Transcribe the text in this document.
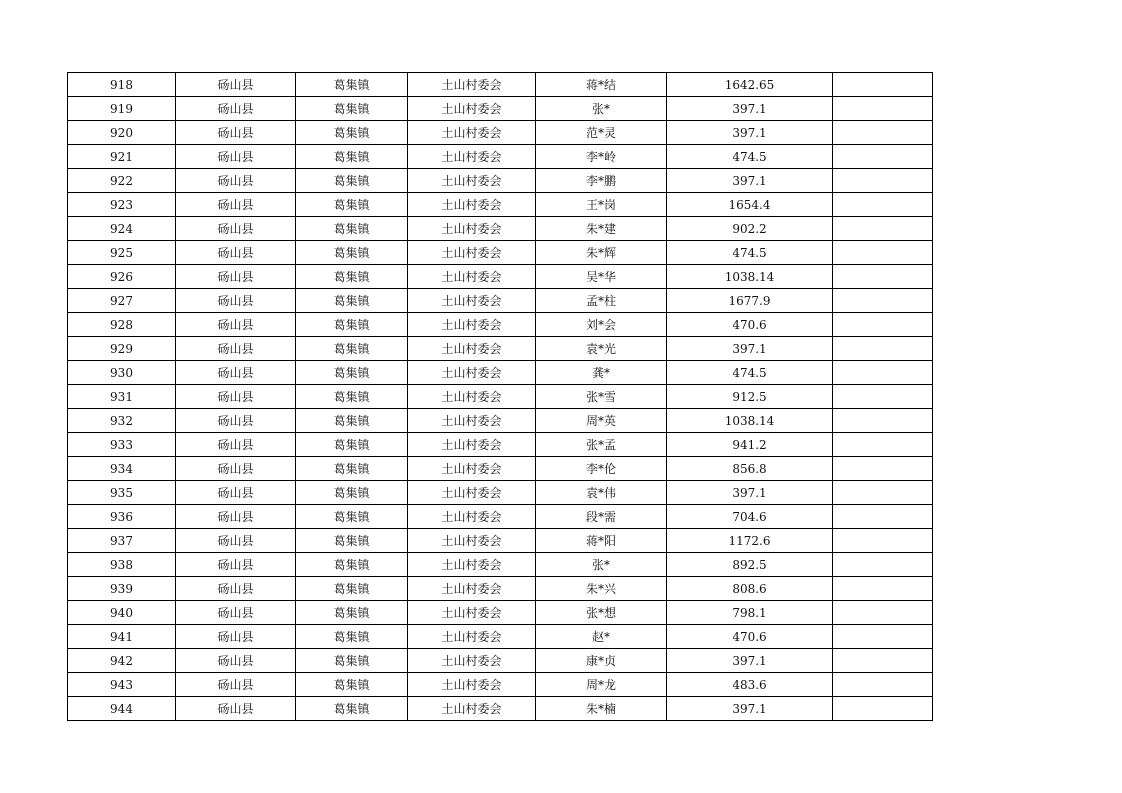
918	砀山县	葛集镇	土山村委会	蒋*结	1642.65	
919	砀山县	葛集镇	土山村委会	张*	397.1	
920	砀山县	葛集镇	土山村委会	范*灵	397.1	
921	砀山县	葛集镇	土山村委会	李*岭	474.5	
922	砀山县	葛集镇	土山村委会	李*鹏	397.1	
923	砀山县	葛集镇	土山村委会	王*岗	1654.4	
924	砀山县	葛集镇	土山村委会	朱*建	902.2	
925	砀山县	葛集镇	土山村委会	朱*辉	474.5	
926	砀山县	葛集镇	土山村委会	吴*华	1038.14	
927	砀山县	葛集镇	土山村委会	孟*柱	1677.9	
928	砀山县	葛集镇	土山村委会	刘*会	470.6	
929	砀山县	葛集镇	土山村委会	袁*光	397.1	
930	砀山县	葛集镇	土山村委会	龚*	474.5	
931	砀山县	葛集镇	土山村委会	张*雪	912.5	
932	砀山县	葛集镇	土山村委会	周*英	1038.14	
933	砀山县	葛集镇	土山村委会	张*孟	941.2	
934	砀山县	葛集镇	土山村委会	李*伦	856.8	
935	砀山县	葛集镇	土山村委会	袁*伟	397.1	
936	砀山县	葛集镇	土山村委会	段*需	704.6	
937	砀山县	葛集镇	土山村委会	蒋*阳	1172.6	
938	砀山县	葛集镇	土山村委会	张*	892.5	
939	砀山县	葛集镇	土山村委会	朱*兴	808.6	
940	砀山县	葛集镇	土山村委会	张*想	798.1	
941	砀山县	葛集镇	土山村委会	赵*	470.6	
942	砀山县	葛集镇	土山村委会	康*贞	397.1	
943	砀山县	葛集镇	土山村委会	周*龙	483.6	
944	砀山县	葛集镇	土山村委会	朱*楠	397.1	
